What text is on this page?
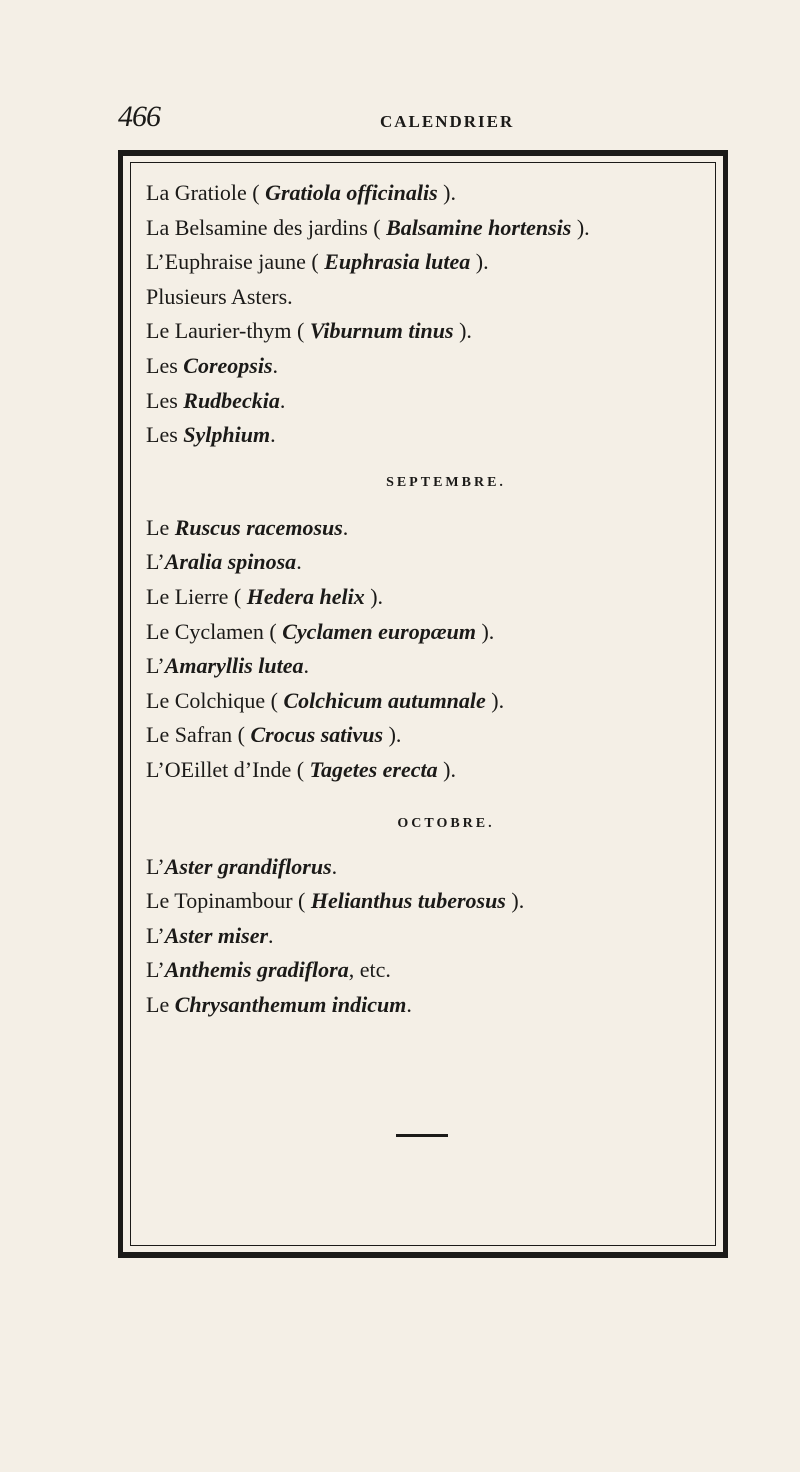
466	CALENDRIER
La Gratiole ( Gratiola officinalis ).
La Belsamine des jardins ( Balsamine hortensis ).
L’Euphraise jaune ( Euphrasia lutea ).
Plusieurs Asters.
Le Laurier-thym ( Viburnum tinus ).
Les Coreopsis.
Les Rudbeckia.
Les Sylphium.
SEPTEMBRE.
Le Ruscus racemosus.
L’Aralia spinosa.
Le Lierre ( Hedera helix ).
Le Cyclamen ( Cyclamen europæum ).
L’Amaryllis lutea.
Le Colchique ( Colchicum autumnale ).
Le Safran ( Crocus sativus ).
L’OEillet d’Inde ( Tagetes erecta ).
OCTOBRE.
L’Aster grandiflorus.
Le Topinambour ( Helianthus tuberosus ).
L’Aster miser.
L’Anthemis gradiflora, etc.
Le Chrysanthemum indicum.
